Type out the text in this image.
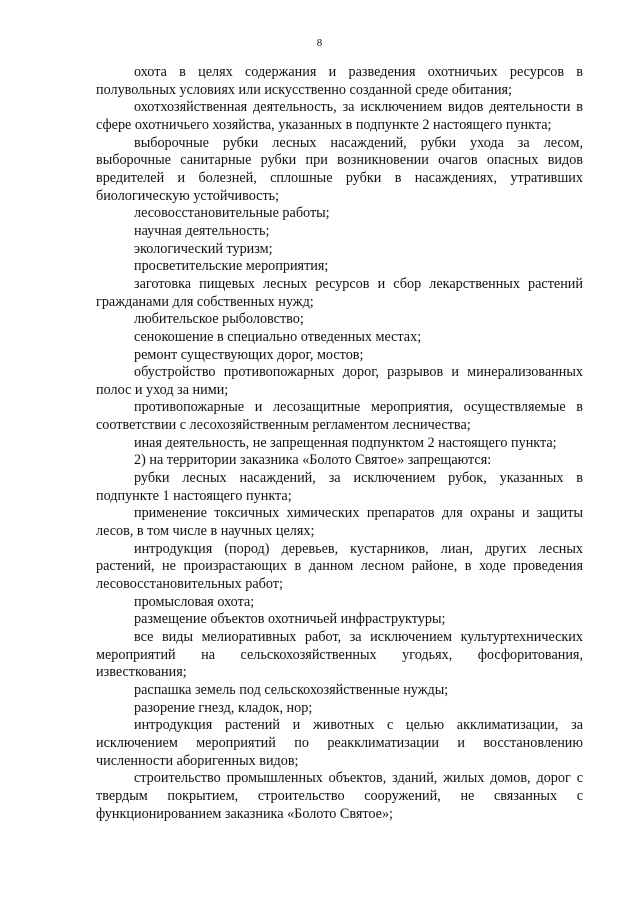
8

охота в целях содержания и разведения охотничьих ресурсов в полувольных условиях или искусственно созданной среде обитания;

охотхозяйственная деятельность, за исключением видов деятельности в сфере охотничьего хозяйства, указанных в подпункте 2 настоящего пункта;

выборочные рубки лесных насаждений, рубки ухода за лесом, выборочные санитарные рубки при возникновении очагов опасных видов вредителей и болезней, сплошные рубки в насаждениях, утративших биологическую устойчивость;

лесовосстановительные работы;

научная деятельность;

экологический туризм;

просветительские мероприятия;

заготовка пищевых лесных ресурсов и сбор лекарственных растений гражданами для собственных нужд;

любительское рыболовство;

сенокошение в специально отведенных местах;

ремонт существующих дорог, мостов;

обустройство противопожарных дорог, разрывов и минерализованных полос и уход за ними;

противопожарные и лесозащитные мероприятия, осуществляемые в соответствии с лесохозяйственным регламентом лесничества;

иная деятельность, не запрещенная подпунктом 2 настоящего пункта;

2) на территории заказника «Болото Святое» запрещаются:

рубки лесных насаждений, за исключением рубок, указанных в подпункте 1 настоящего пункта;

применение токсичных химических препаратов для охраны и защиты лесов, в том числе в научных целях;

интродукция (пород) деревьев, кустарников, лиан, других лесных растений, не произрастающих в данном лесном районе, в ходе проведения лесовосстановительных работ;

промысловая охота;

размещение объектов охотничьей инфраструктуры;

все виды мелиоративных работ, за исключением культуртехнических мероприятий на сельскохозяйственных угодьях, фосфоритования, известкования;

распашка земель под сельскохозяйственные нужды;

разорение гнезд, кладок, нор;

интродукция растений и животных с целью акклиматизации, за исключением мероприятий по реакклиматизации и восстановлению численности аборигенных видов;

строительство промышленных объектов, зданий, жилых домов, дорог с твердым покрытием, строительство сооружений, не связанных с функционированием заказника «Болото Святое»;
